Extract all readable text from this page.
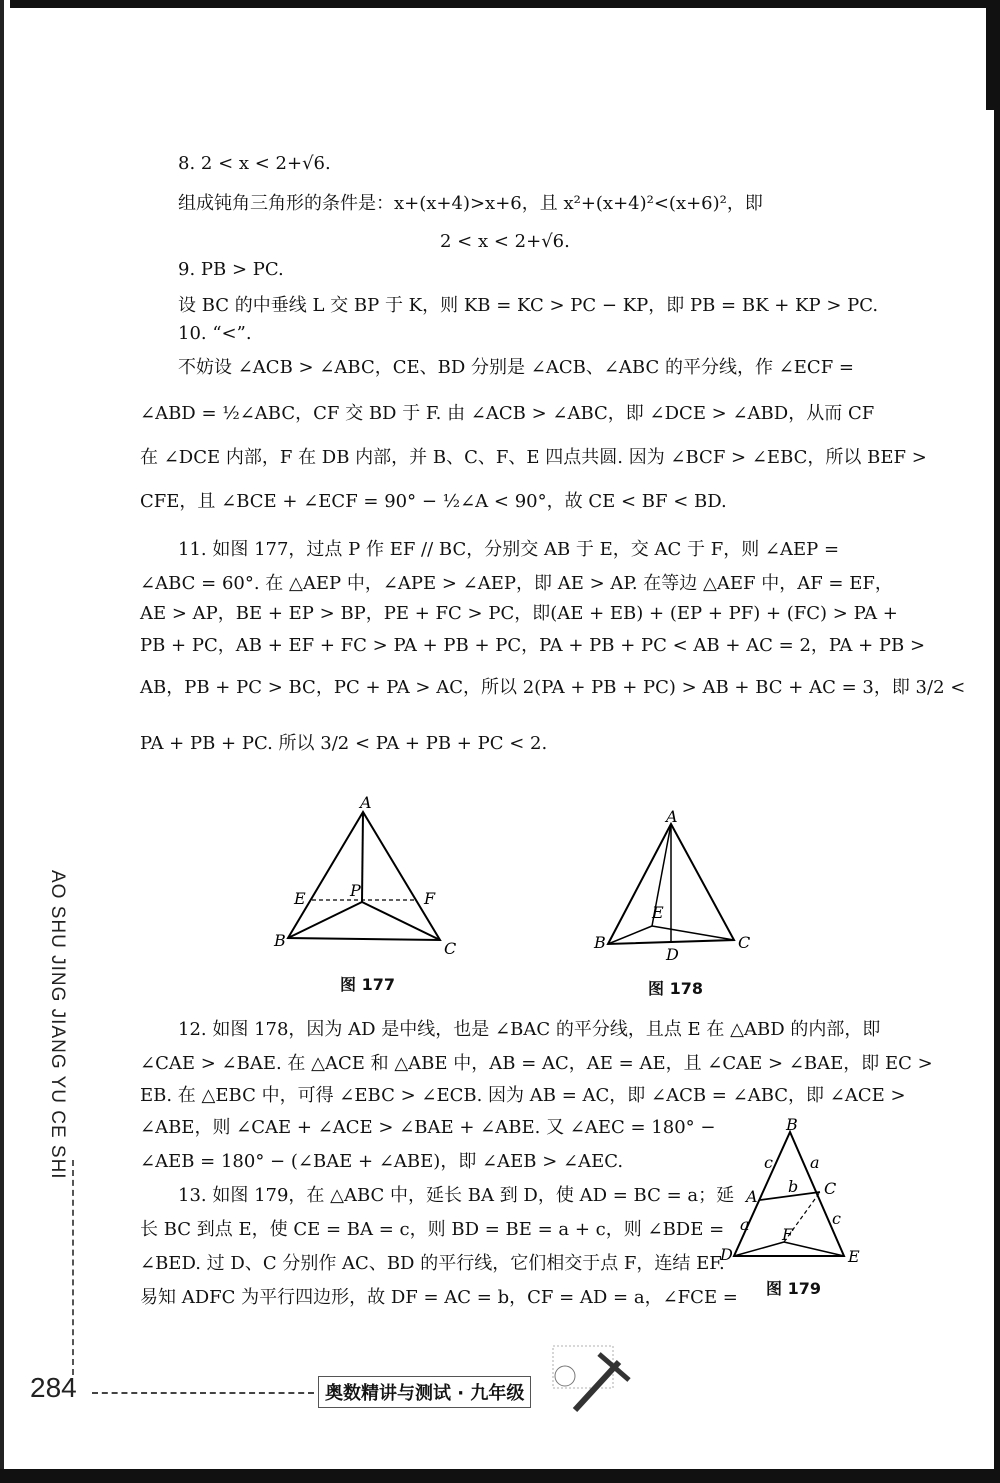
8. 2 < x < 2+√6.
组成钝角三角形的条件是：x+(x+4)>x+6，且 x²+(x+4)²<(x+6)²，即
2 < x < 2+√6.
9. PB > PC.
设 BC 的中垂线 L 交 BP 于 K，则 KB = KC > PC − KP，即 PB = BK + KP > PC.
10. “<”.
不妨设 ∠ACB > ∠ABC，CE、BD 分别是 ∠ACB、∠ABC 的平分线，作 ∠ECF =
∠ABD = ½∠ABC，CF 交 BD 于 F. 由 ∠ACB > ∠ABC，即 ∠DCE > ∠ABD，从而 CF
在 ∠DCE 内部，F 在 DB 内部，并 B、C、F、E 四点共圆. 因为 ∠BCF > ∠EBC，所以 BEF >
CFE，且 ∠BCE + ∠ECF = 90° − ½∠A < 90°，故 CE < BF < BD.
11. 如图 177，过点 P 作 EF // BC，分别交 AB 于 E，交 AC 于 F，则 ∠AEP =
∠ABC = 60°. 在 △AEP 中，∠APE > ∠AEP，即 AE > AP. 在等边 △AEF 中，AF = EF，
AE > AP，BE + EP > BP，PE + FC > PC，即(AE + EB) + (EP + PF) + (FC) > PA +
PB + PC，AB + EF + FC > PA + PB + PC，PA + PB + PC < AB + AC = 2，PA + PB >
AB，PB + PC > BC，PC + PA > AC，所以 2(PA + PB + PC) > AB + BC + AC = 3，即 3/2 <
PA + PB + PC. 所以 3/2 < PA + PB + PC < 2.
A
B	C
E	F
P
图 177
A
B	C
D
E
图 178
12. 如图 178，因为 AD 是中线，也是 ∠BAC 的平分线，且点 E 在 △ABD 的内部，即
∠CAE > ∠BAE. 在 △ACE 和 △ABE 中，AB = AC，AE = AE，且 ∠CAE > ∠BAE，即 EC >
EB. 在 △EBC 中，可得 ∠EBC > ∠ECB. 因为 AB = AC，即 ∠ACB = ∠ABC，即 ∠ACE >
∠ABE，则 ∠CAE + ∠ACE > ∠BAE + ∠ABE. 又 ∠AEC = 180° −
∠AEB = 180° − (∠BAE + ∠ABE)，即 ∠AEB > ∠AEC.
13. 如图 179，在 △ABC 中，延长 BA 到 D，使 AD = BC = a；延
长 BC 到点 E，使 CE = BA = c，则 BD = BE = a + c，则 ∠BDE =
∠BED. 过 D、C 分别作 AC、BD 的平行线，它们相交于点 F，连结 EF.
易知 ADFC 为平行四边形，故 DF = AC = b，CF = AD = a，∠FCE =
B
A	C
D	E
F
a
a
b
c
c
图 179
AO SHU JING JIANG YU CE SHI
284	奥数精讲与测试 · 九年级
